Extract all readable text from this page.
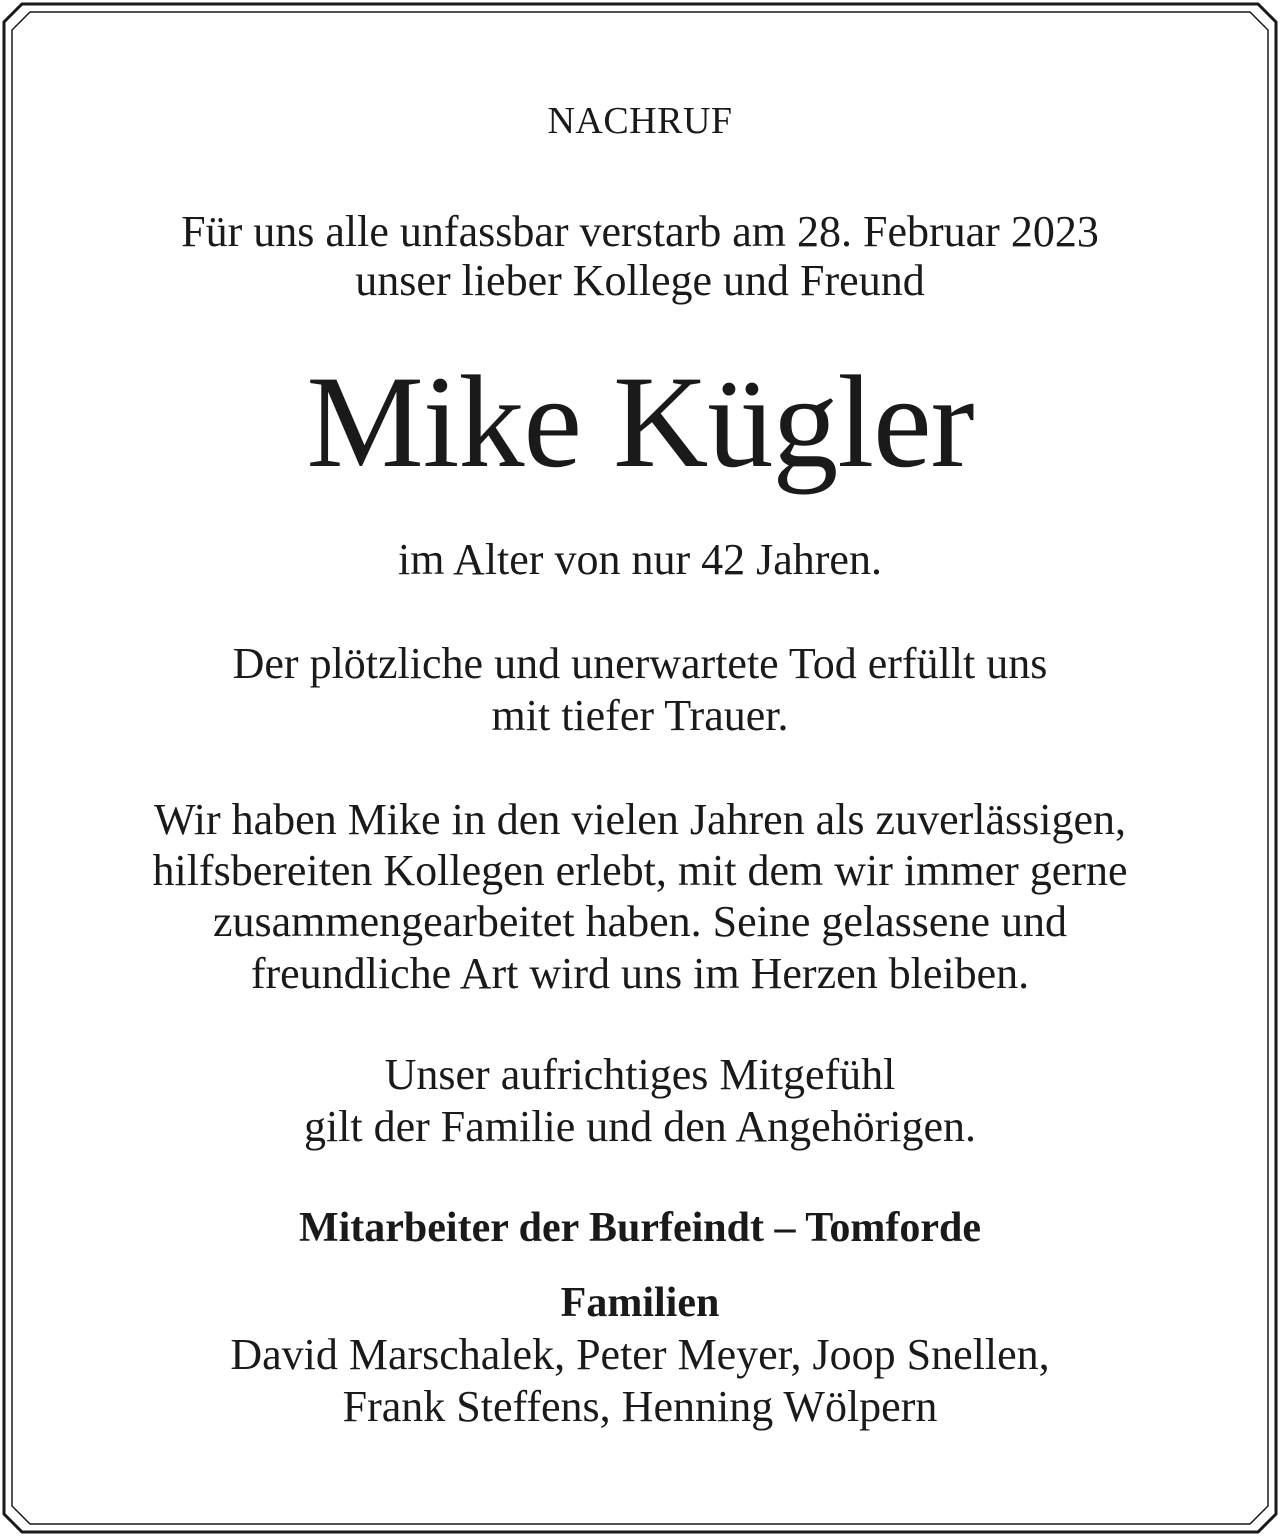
NACHRUF
Für uns alle unfassbar verstarb am 28. Februar 2023
unser lieber Kollege und Freund
Mike Kügler
im Alter von nur 42 Jahren.
Der plötzliche und unerwartete Tod erfüllt uns
mit tiefer Trauer.
Wir haben Mike in den vielen Jahren als zuverlässigen,
hilfsbereiten Kollegen erlebt, mit dem wir immer gerne
zusammengearbeitet haben. Seine gelassene und
freundliche Art wird uns im Herzen bleiben.
Unser aufrichtiges Mitgefühl
gilt der Familie und den Angehörigen.
Mitarbeiter der Burfeindt – Tomforde
Familien
David Marschalek, Peter Meyer, Joop Snellen,
Frank Steffens, Henning Wölpern
